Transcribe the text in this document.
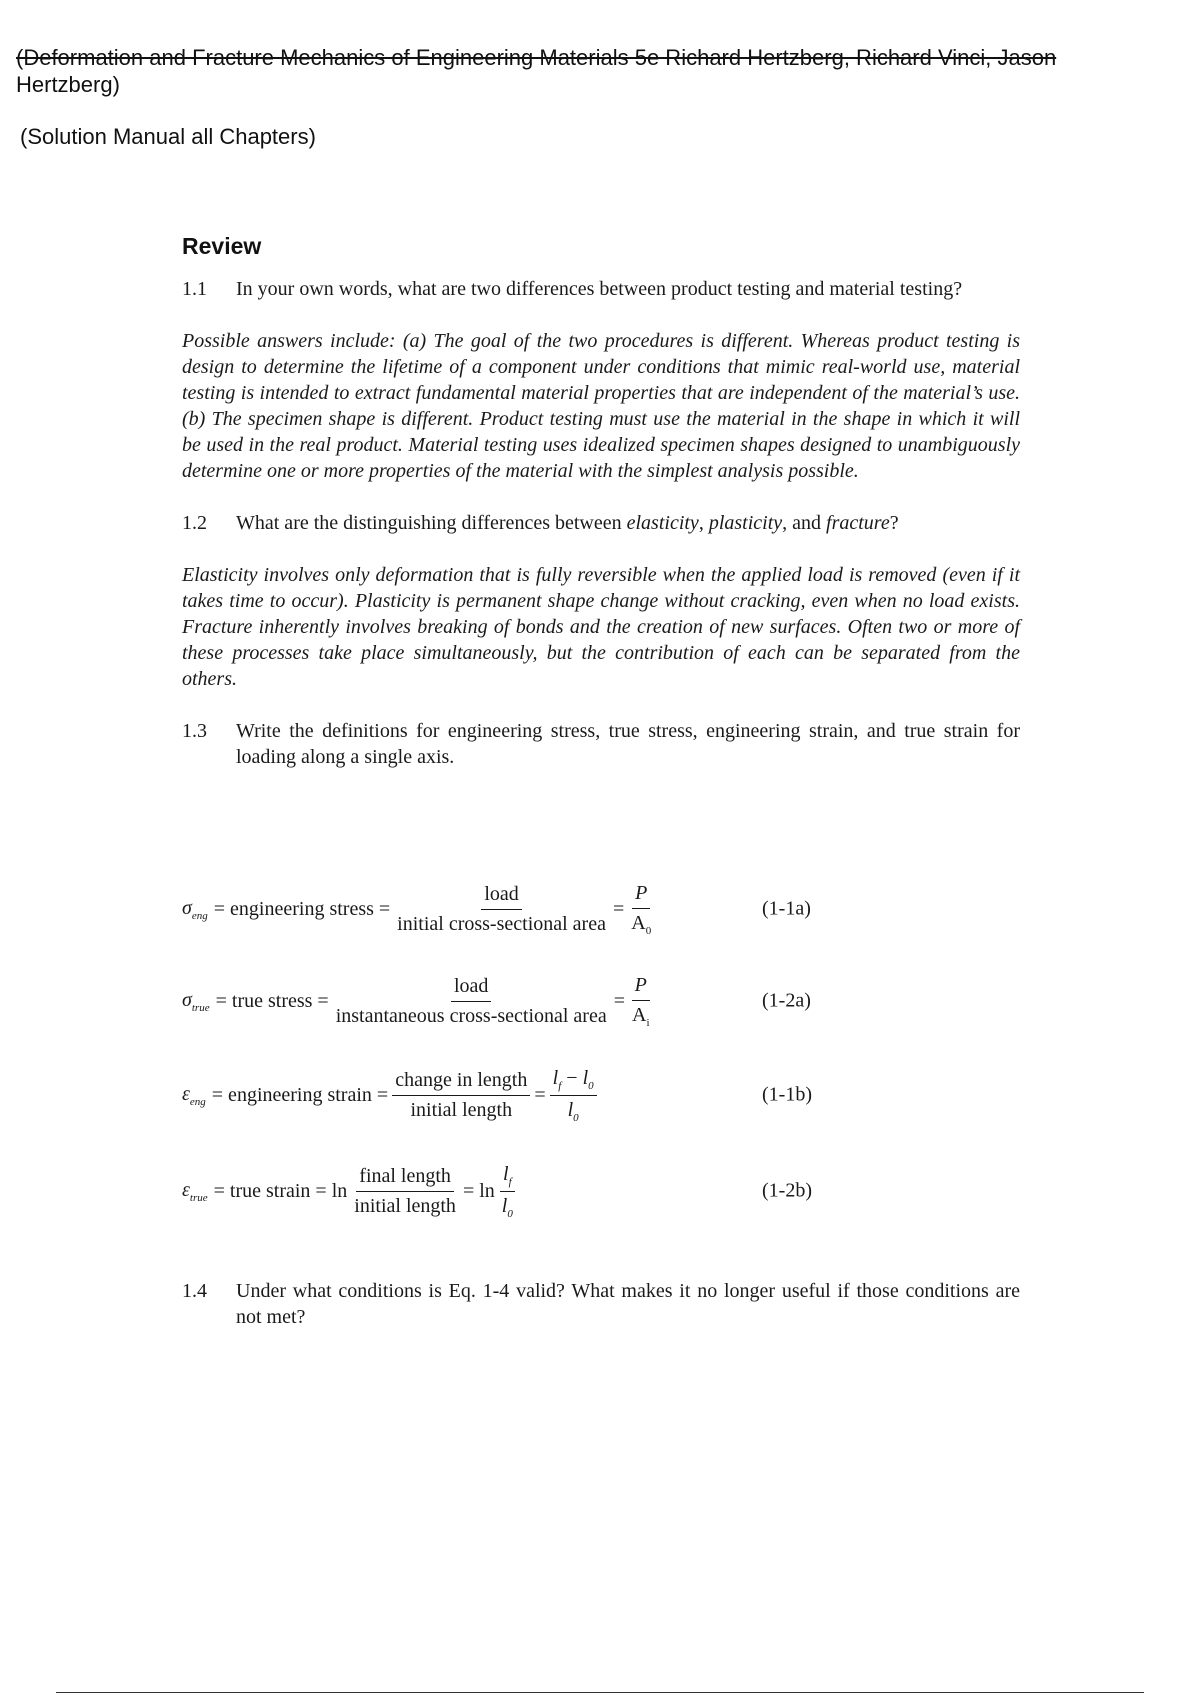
(Deformation and Fracture Mechanics of Engineering Materials 5e Richard Hertzberg, Richard Vinci, Jason
Hertzberg)
(Solution Manual all Chapters)
Review
1.1	In your own words, what are two differences between product testing and material testing?
Possible answers include: (a) The goal of the two procedures is different. Whereas product testing is design to determine the lifetime of a component under conditions that mimic real-world use, material testing is intended to extract fundamental material properties that are independent of the material’s use. (b) The specimen shape is different. Product testing must use the material in the shape in which it will be used in the real product. Material testing uses idealized specimen shapes designed to unambiguously determine one or more properties of the material with the simplest analysis possible.
1.2	What are the distinguishing differences between elasticity, plasticity, and fracture?
Elasticity involves only deformation that is fully reversible when the applied load is removed (even if it takes time to occur). Plasticity is permanent shape change without cracking, even when no load exists. Fracture inherently involves breaking of bonds and the creation of new surfaces. Often two or more of these processes take place simultaneously, but the contribution of each can be separated from the others.
1.3	Write the definitions for engineering stress, true stress, engineering strain, and true strain for loading along a single axis.
$\sigma_{eng}$ = engineering stress = $\frac{\text{load}}{\text{initial cross-sectional area}} = \frac{P}{A_0}$	(1-1a)
$\sigma_{true}$ = true stress = $\frac{\text{load}}{\text{instantaneous cross-sectional area}} = \frac{P}{A_i}$	(1-2a)
$\varepsilon_{eng}$ = engineering strain = $\frac{\text{change in length}}{\text{initial length}} = \frac{l_f - l_0}{l_0}$	(1-1b)
$\varepsilon_{true}$ = true strain = $\ln \frac{\text{final length}}{\text{initial length}} = \ln \frac{l_f}{l_0}$	(1-2b)
1.4	Under what conditions is Eq. 1-4 valid? What makes it no longer useful if those conditions are not met?
